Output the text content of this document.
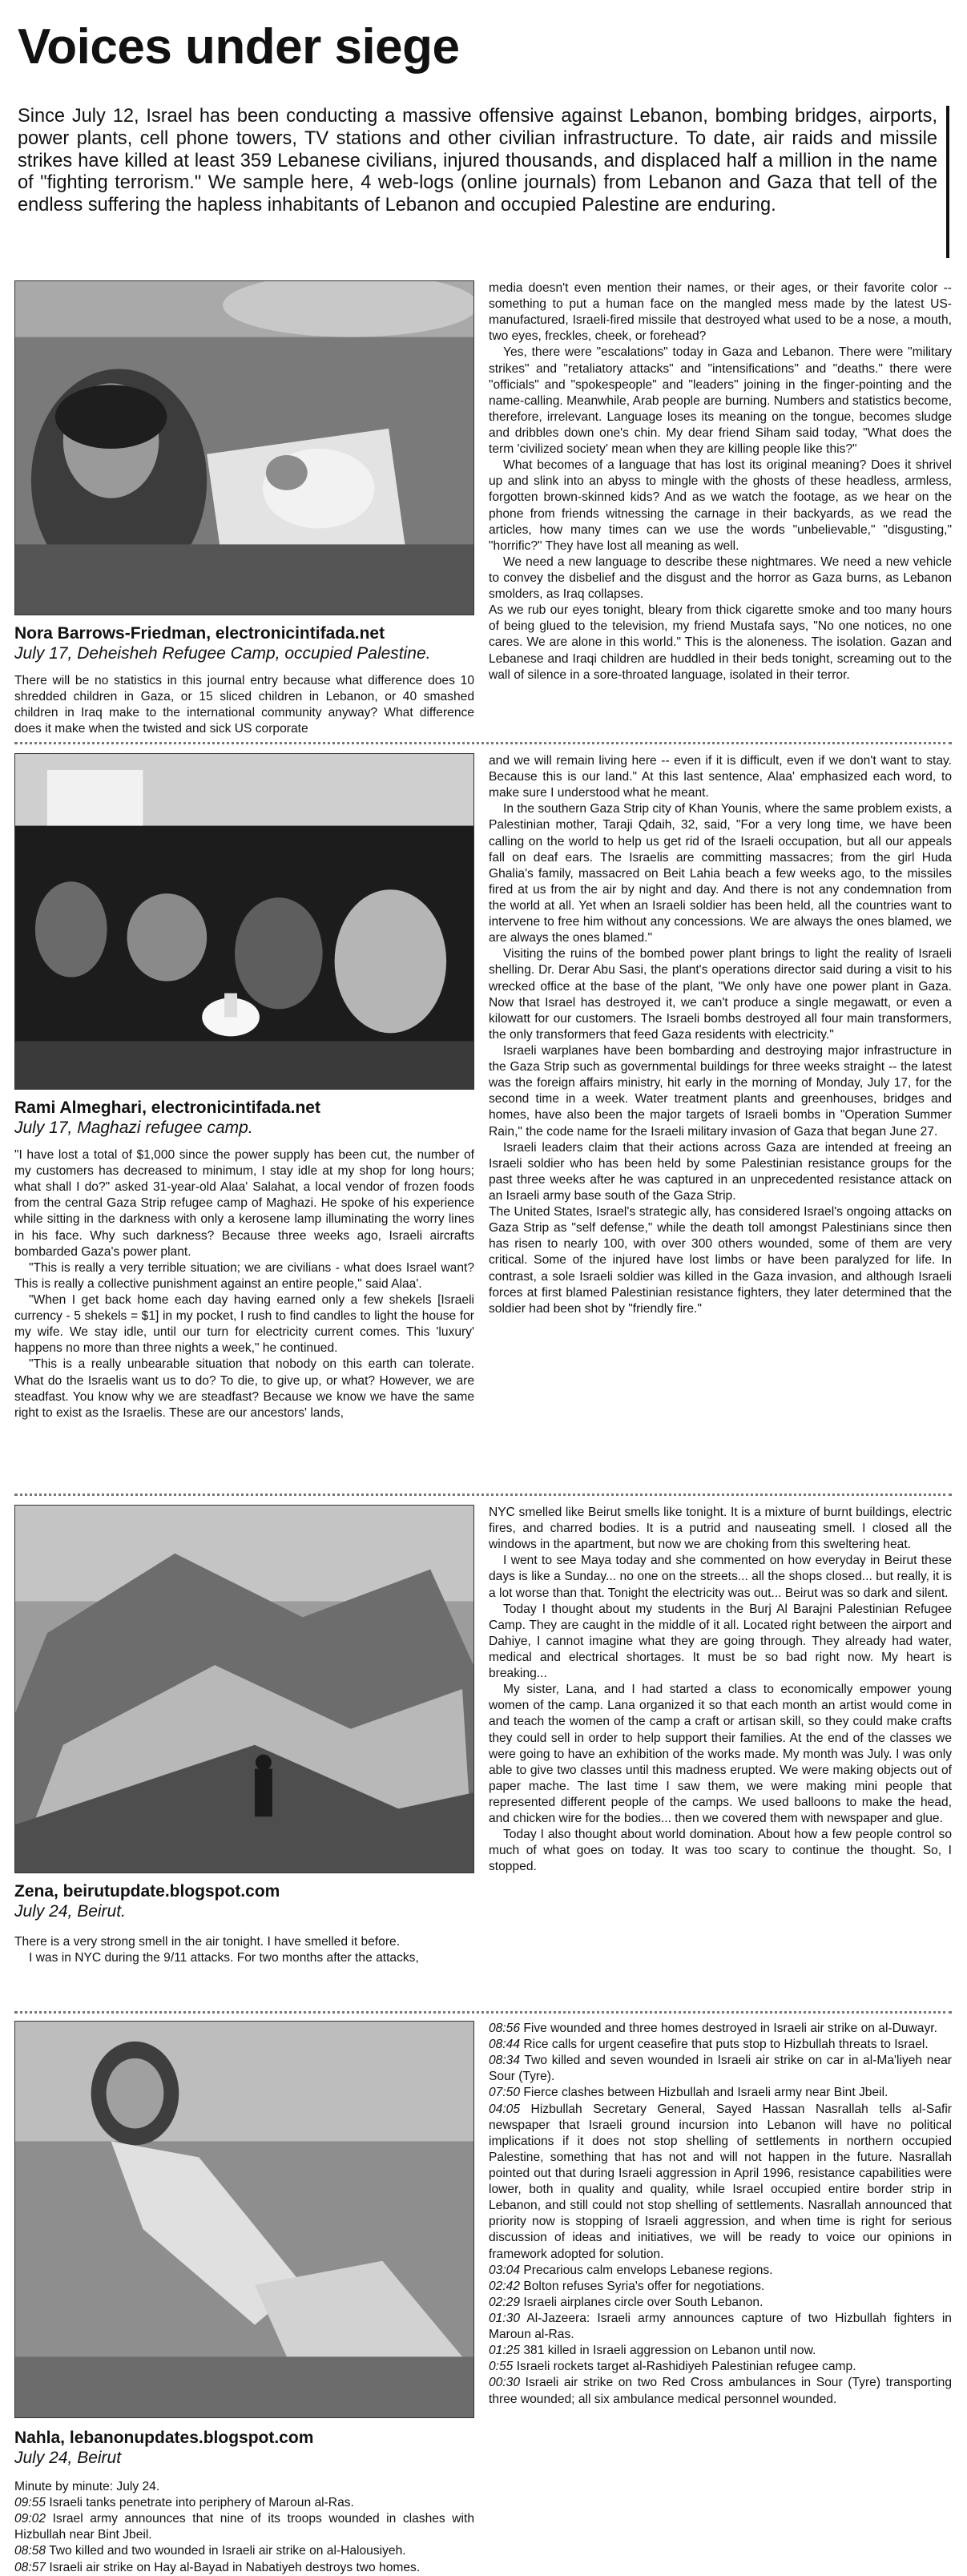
Voices under siege

Since July 12, Israel has been conducting a massive offensive against Lebanon, bombing bridges, airports, power plants, cell phone towers, TV stations and other civilian infrastructure. To date, air raids and missile strikes have killed at least 359 Lebanese civilians, injured thousands, and displaced half a million in the name of "fighting terrorism." We sample here, 4 web-logs (online journals) from Lebanon and Gaza that tell of the endless suffering the hapless inhabitants of Lebanon and occupied Palestine are enduring.

Nora Barrows-Friedman, electronicintifada.net

July 17, Deheisheh Refugee Camp, occupied Palestine.

There will be no statistics in this journal entry because what difference does 10 shredded children in Gaza, or 15 sliced children in Lebanon, or 40 smashed children in Iraq make to the international community anyway? What difference does it make when the twisted and sick US corporate

media doesn't even mention their names, or their ages, or their favorite color -- something to put a human face on the mangled mess made by the latest US-manufactured, Israeli-fired missile that destroyed what used to be a nose, a mouth, two eyes, freckles, cheek, or forehead?

Yes, there were "escalations" today in Gaza and Lebanon. There were "military strikes" and "retaliatory attacks" and "intensifications" and "deaths." there were "officials" and "spokespeople" and "leaders" joining in the finger-pointing and the name-calling. Meanwhile, Arab people are burning. Numbers and statistics become, therefore, irrelevant. Language loses its meaning on the tongue, becomes sludge and dribbles down one's chin. My dear friend Siham said today, "What does the term 'civilized society' mean when they are killing people like this?"

What becomes of a language that has lost its original meaning? Does it shrivel up and slink into an abyss to mingle with the ghosts of these headless, armless, forgotten brown-skinned kids? And as we watch the footage, as we hear on the phone from friends witnessing the carnage in their backyards, as we read the articles, how many times can we use the words "unbelievable," "disgusting," "horrific?" They have lost all meaning as well.

We need a new language to describe these nightmares. We need a new vehicle to convey the disbelief and the disgust and the horror as Gaza burns, as Lebanon smolders, as Iraq collapses.

As we rub our eyes tonight, bleary from thick cigarette smoke and too many hours of being glued to the television, my friend Mustafa says, "No one notices, no one cares. We are alone in this world." This is the aloneness. The isolation. Gazan and Lebanese and Iraqi children are huddled in their beds tonight, screaming out to the wall of silence in a sore-throated language, isolated in their terror.

Rami Almeghari, electronicintifada.net

July 17, Maghazi refugee camp.

"I have lost a total of $1,000 since the power supply has been cut, the number of my customers has decreased to minimum, I stay idle at my shop for long hours; what shall I do?" asked 31-year-old Alaa' Salahat, a local vendor of frozen foods from the central Gaza Strip refugee camp of Maghazi. He spoke of his experience while sitting in the darkness with only a kerosene lamp illuminating the worry lines in his face. Why such darkness? Because three weeks ago, Israeli aircrafts bombarded Gaza's power plant.

"This is really a very terrible situation; we are civilians - what does Israel want? This is really a collective punishment against an entire people," said Alaa'.

"When I get back home each day having earned only a few shekels [Israeli currency - 5 shekels = $1] in my pocket, I rush to find candles to light the house for my wife. We stay idle, until our turn for electricity current comes. This 'luxury' happens no more than three nights a week," he continued.

"This is a really unbearable situation that nobody on this earth can tolerate. What do the Israelis want us to do? To die, to give up, or what? However, we are steadfast. You know why we are steadfast? Because we know we have the same right to exist as the Israelis. These are our ancestors' lands,

and we will remain living here -- even if it is difficult, even if we don't want to stay. Because this is our land." At this last sentence, Alaa' emphasized each word, to make sure I understood what he meant.

In the southern Gaza Strip city of Khan Younis, where the same problem exists, a Palestinian mother, Taraji Qdaih, 32, said, "For a very long time, we have been calling on the world to help us get rid of the Israeli occupation, but all our appeals fall on deaf ears. The Israelis are committing massacres; from the girl Huda Ghalia's family, massacred on Beit Lahia beach a few weeks ago, to the missiles fired at us from the air by night and day. And there is not any condemnation from the world at all. Yet when an Israeli soldier has been held, all the countries want to intervene to free him without any concessions. We are always the ones blamed, we are always the ones blamed."

Visiting the ruins of the bombed power plant brings to light the reality of Israeli shelling. Dr. Derar Abu Sasi, the plant's operations director said during a visit to his wrecked office at the base of the plant, "We only have one power plant in Gaza. Now that Israel has destroyed it, we can't produce a single megawatt, or even a kilowatt for our customers. The Israeli bombs destroyed all four main transformers, the only transformers that feed Gaza residents with electricity."

Israeli warplanes have been bombarding and destroying major infrastructure in the Gaza Strip such as governmental buildings for three weeks straight -- the latest was the foreign affairs ministry, hit early in the morning of Monday, July 17, for the second time in a week. Water treatment plants and greenhouses, bridges and homes, have also been the major targets of Israeli bombs in "Operation Summer Rain," the code name for the Israeli military invasion of Gaza that began June 27.

Israeli leaders claim that their actions across Gaza are intended at freeing an Israeli soldier who has been held by some Palestinian resistance groups for the past three weeks after he was captured in an unprecedented resistance attack on an Israeli army base south of the Gaza Strip.

The United States, Israel's strategic ally, has considered Israel's ongoing attacks on Gaza Strip as "self defense," while the death toll amongst Palestinians since then has risen to nearly 100, with over 300 others wounded, some of them are very critical. Some of the injured have lost limbs or have been paralyzed for life. In contrast, a sole Israeli soldier was killed in the Gaza invasion, and although Israeli forces at first blamed Palestinian resistance fighters, they later determined that the soldier had been shot by "friendly fire."

Zena, beirutupdate.blogspot.com

July 24, Beirut.

There is a very strong smell in the air tonight. I have smelled it before.

I was in NYC during the 9/11 attacks. For two months after the attacks,

NYC smelled like Beirut smells like tonight. It is a mixture of burnt buildings, electric fires, and charred bodies. It is a putrid and nauseating smell. I closed all the windows in the apartment, but now we are choking from this sweltering heat.

I went to see Maya today and she commented on how everyday in Beirut these days is like a Sunday... no one on the streets... all the shops closed... but really, it is a lot worse than that. Tonight the electricity was out... Beirut was so dark and silent.

Today I thought about my students in the Burj Al Barajni Palestinian Refugee Camp. They are caught in the middle of it all. Located right between the airport and Dahiye, I cannot imagine what they are going through. They already had water, medical and electrical shortages. It must be so bad right now. My heart is breaking...

My sister, Lana, and I had started a class to economically empower young women of the camp. Lana organized it so that each month an artist would come in and teach the women of the camp a craft or artisan skill, so they could make crafts they could sell in order to help support their families. At the end of the classes we were going to have an exhibition of the works made. My month was July. I was only able to give two classes until this madness erupted. We were making objects out of paper mache. The last time I saw them, we were making mini people that represented different people of the camps. We used balloons to make the head, and chicken wire for the bodies... then we covered them with newspaper and glue.

Today I also thought about world domination. About how a few people control so much of what goes on today. It was too scary to continue the thought. So, I stopped.

Nahla, lebanonupdates.blogspot.com

July 24, Beirut

Minute by minute: July 24.

09:55 Israeli tanks penetrate into periphery of Maroun al-Ras.

09:02 Israel army announces that nine of its troops wounded in clashes with Hizbullah near Bint Jbeil.

08:58 Two killed and two wounded in Israeli air strike on al-Halousiyeh.

08:57 Israeli air strike on Hay al-Bayad in Nabatiyeh destroys two homes.

08:56 Five wounded and three homes destroyed in Israeli air strike on al-Duwayr.

08:44 Rice calls for urgent ceasefire that puts stop to Hizbullah threats to Israel.

08:34 Two killed and seven wounded in Israeli air strike on car in al-Ma'liyeh near Sour (Tyre).

07:50 Fierce clashes between Hizbullah and Israeli army near Bint Jbeil.

04:05 Hizbullah Secretary General, Sayed Hassan Nasrallah tells al-Safir newspaper that Israeli ground incursion into Lebanon will have no political implications if it does not stop shelling of settlements in northern occupied Palestine, something that has not and will not happen in the future. Nasrallah pointed out that during Israeli aggression in April 1996, resistance capabilities were lower, both in quality and quality, while Israel occupied entire border strip in Lebanon, and still could not stop shelling of settlements. Nasrallah announced that priority now is stopping of Israeli aggression, and when time is right for serious discussion of ideas and initiatives, we will be ready to voice our opinions in framework adopted for solution.

03:04 Precarious calm envelops Lebanese regions.

02:42 Bolton refuses Syria's offer for negotiations.

02:29 Israeli airplanes circle over South Lebanon.

01:30 Al-Jazeera: Israeli army announces capture of two Hizbullah fighters in Maroun al-Ras.

01:25 381 killed in Israeli aggression on Lebanon until now.

0:55 Israeli rockets target al-Rashidiyeh Palestinian refugee camp.

00:30 Israeli air strike on two Red Cross ambulances in Sour (Tyre) transporting three wounded; all six ambulance medical personnel wounded.
